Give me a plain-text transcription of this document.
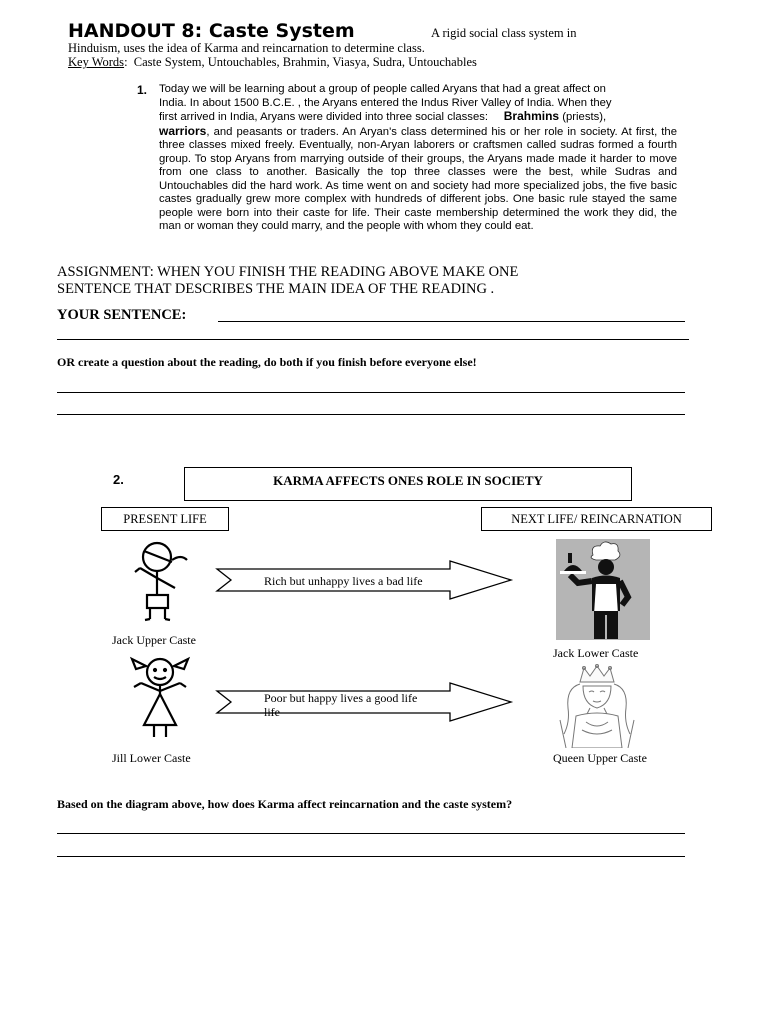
HANDOUT 8: Caste System	A rigid social class system in
Hinduism, uses the idea of Karma and reincarnation to determine class.
Key Words: Caste System, Untouchables, Brahmin, Viasya, Sudra, Untouchables
1. Today we will be learning about a group of people called Aryans that had a great affect on

India. In about 1500 B.C.E. , the Aryans entered the Indus River Valley of India. When they

first arrived in India, Aryans were divided into three social classes: Brahmins (priests),

warriors, and peasants or traders. An Aryan's class determined his or her role in society. At first, the three classes mixed freely. Eventually, non-Aryan laborers or craftsmen called sudras formed a fourth group. To stop Aryans from marrying outside of their groups, the Aryans made made it harder to move from one class to another. Basically the top three classes were the best, while Sudras and Untouchables did the hard work. As time went on and society had more specialized jobs, the five basic castes gradually grew more complex with hundreds of different jobs. One basic rule stayed the same people were born into their caste for life. Their caste membership determined the work they did, the man or woman they could marry, and the people with whom they could eat.

ASSIGNMENT: WHEN YOU FINISH THE READING ABOVE MAKE ONE
SENTENCE THAT DESCRIBES THE MAIN IDEA OF THE READING .
YOUR SENTENCE:
OR create a question about the reading, do both if you finish before everyone else!
2.	KARMA AFFECTS ONES ROLE IN SOCIETY
PRESENT LIFE	NEXT LIFE/ REINCARNATION
Jack Upper Caste
Rich but unhappy lives a bad life
Jack Lower Caste
Jill Lower Caste
Poor but happy lives a good life
life
Queen Upper Caste
Based on the diagram above, how does Karma affect reincarnation and the caste system?
